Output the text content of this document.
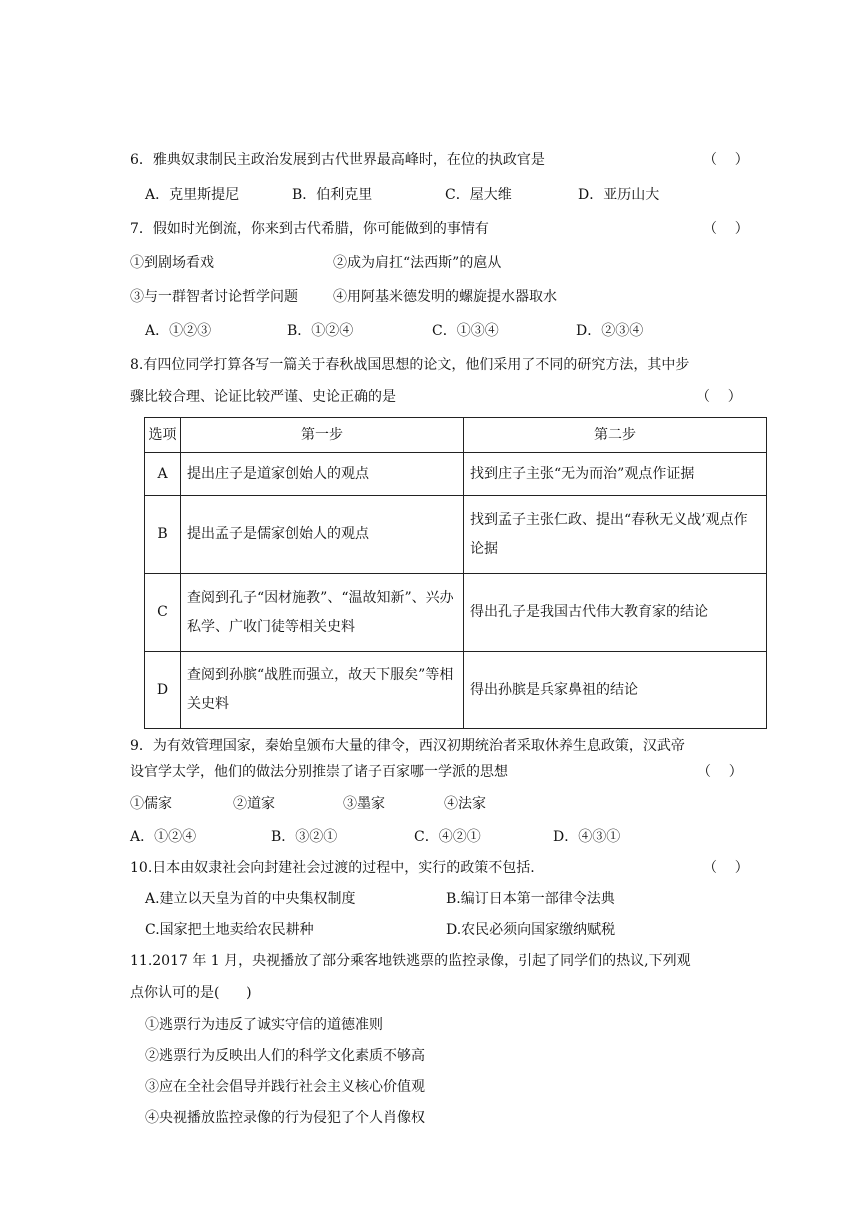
6．雅典奴隶制民主政治发展到古代世界最高峰时，在位的执政官是	（    ）
A．克里斯提尼	B．伯利克里	C．屋大维	D．亚历山大
7．假如时光倒流，你来到古代希腊，你可能做到的事情有	（    ）
①到剧场看戏	②成为肩扛“法西斯”的扈从
③与一群智者讨论哲学问题	④用阿基米德发明的螺旋提水器取水
A．①②③	B．①②④	C．①③④	D．②③④
8.有四位同学打算各写一篇关于春秋战国思想的论文，他们采用了不同的研究方法，其中步
骤比较合理、论证比较严谨、史论正确的是	（    ）
选项	第一步	第二步
A	提出庄子是道家创始人的观点	找到庄子主张“无为而治”观点作证据
B	提出孟子是儒家创始人的观点	找到孟子主张仁政、提出“春秋无义战’观点作论据
C	查阅到孔子“因材施教”、“温故知新”、兴办私学、广收门徒等相关史料	得出孔子是我国古代伟大教育家的结论
D	查阅到孙膑“战胜而强立，故天下服矣”等相关史料	得出孙膑是兵家鼻祖的结论
9．为有效管理国家，秦始皇颁布大量的律令，西汉初期统治者采取休养生息政策，汉武帝
设官学太学，他们的做法分别推崇了诸子百家哪一学派的思想	（    ）
①儒家	②道家	③墨家	④法家
A．①②④	B．③②①	C．④②①	D．④③①
10.日本由奴隶社会向封建社会过渡的过程中，实行的政策不包括.	（    ）
A.建立以天皇为首的中央集权制度	B.编订日本第一部律令法典
C.国家把土地卖给农民耕种	D.农民必须向国家缴纳赋税
11.2017 年 1 月，央视播放了部分乘客地铁逃票的监控录像，引起了同学们的热议,下列观
点你认可的是(      )
①逃票行为违反了诚实守信的道德准则
②逃票行为反映出人们的科学文化素质不够高
③应在全社会倡导并践行社会主义核心价值观
④央视播放监控录像的行为侵犯了个人肖像权
